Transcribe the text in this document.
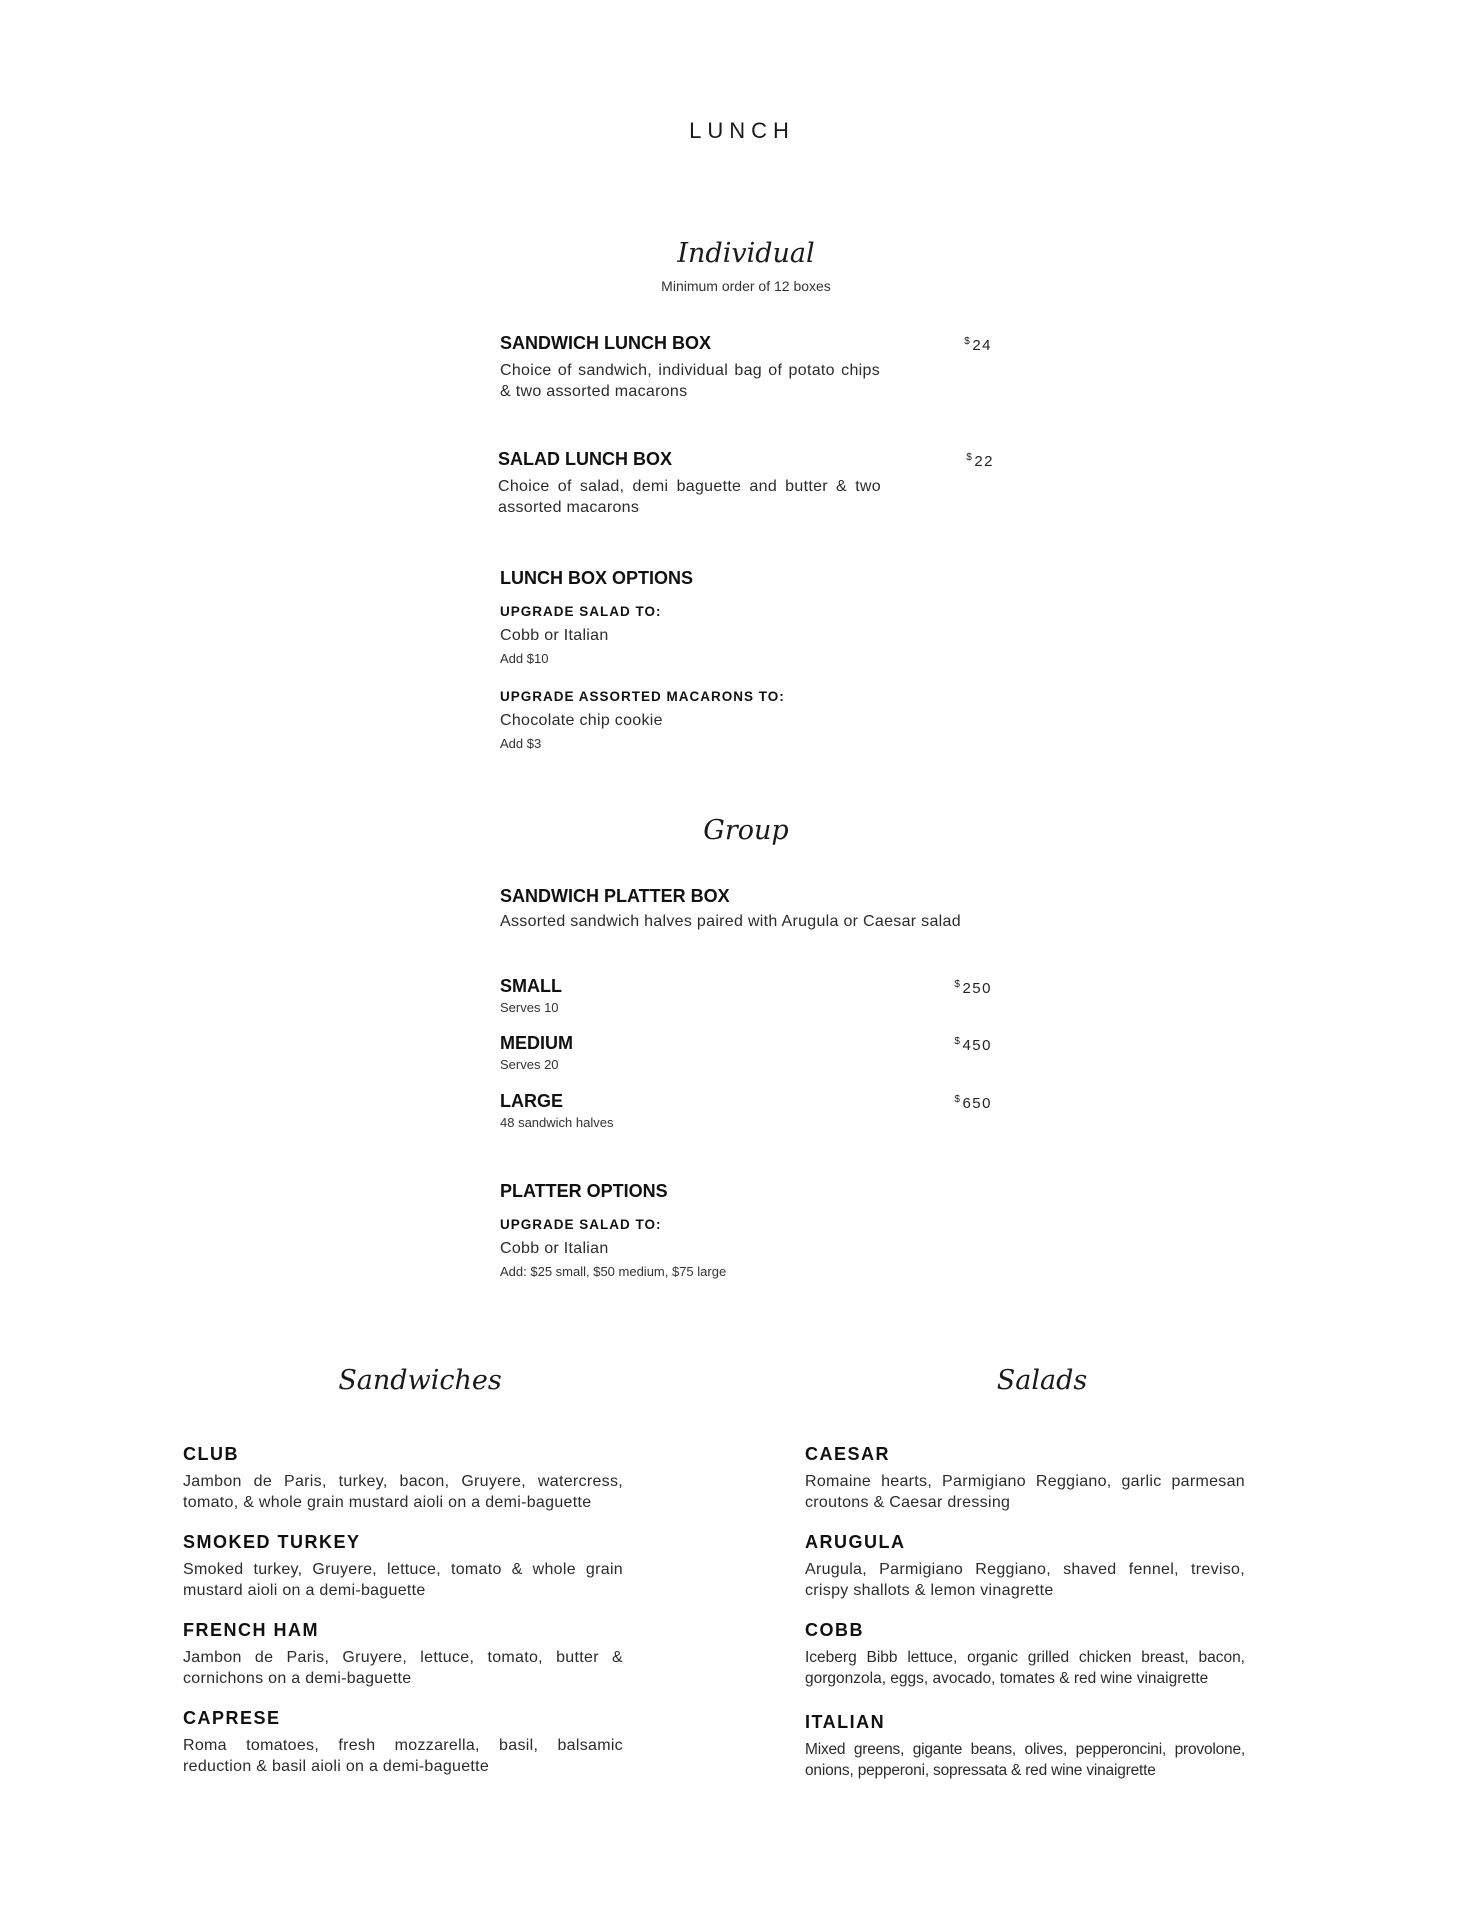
LUNCH
Individual
Minimum order of 12 boxes
SANDWICH LUNCH BOX	$24
Choice of sandwich, individual bag of potato chips & two assorted macarons
SALAD LUNCH BOX	$22
Choice of salad, demi baguette and butter & two assorted macarons
LUNCH BOX OPTIONS
UPGRADE SALAD TO:
Cobb or Italian
Add $10
UPGRADE ASSORTED MACARONS TO:
Chocolate chip cookie
Add $3
Group
SANDWICH PLATTER BOX
Assorted sandwich halves paired with Arugula or Caesar salad
SMALL	$250
Serves 10
MEDIUM	$450
Serves 20
LARGE	$650
48 sandwich halves
PLATTER OPTIONS
UPGRADE SALAD TO:
Cobb or Italian
Add: $25 small, $50 medium, $75 large
Sandwiches
CLUB
Jambon de Paris, turkey, bacon, Gruyere, watercress, tomato, & whole grain mustard aioli on a demi-baguette
SMOKED TURKEY
Smoked turkey, Gruyere, lettuce, tomato & whole grain mustard aioli on a demi-baguette
FRENCH HAM
Jambon de Paris, Gruyere, lettuce, tomato, butter & cornichons on a demi-baguette
CAPRESE
Roma tomatoes, fresh mozzarella, basil, balsamic reduction & basil aioli on a demi-baguette
Salads
CAESAR
Romaine hearts, Parmigiano Reggiano, garlic parmesan croutons & Caesar dressing
ARUGULA
Arugula, Parmigiano Reggiano, shaved fennel, treviso, crispy shallots & lemon vinagrette
COBB
Iceberg Bibb lettuce, organic grilled chicken breast, bacon, gorgonzola, eggs, avocado, tomates & red wine vinaigrette
ITALIAN
Mixed greens, gigante beans, olives, pepperoncini, provolone, onions, pepperoni, sopressata & red wine vinaigrette
